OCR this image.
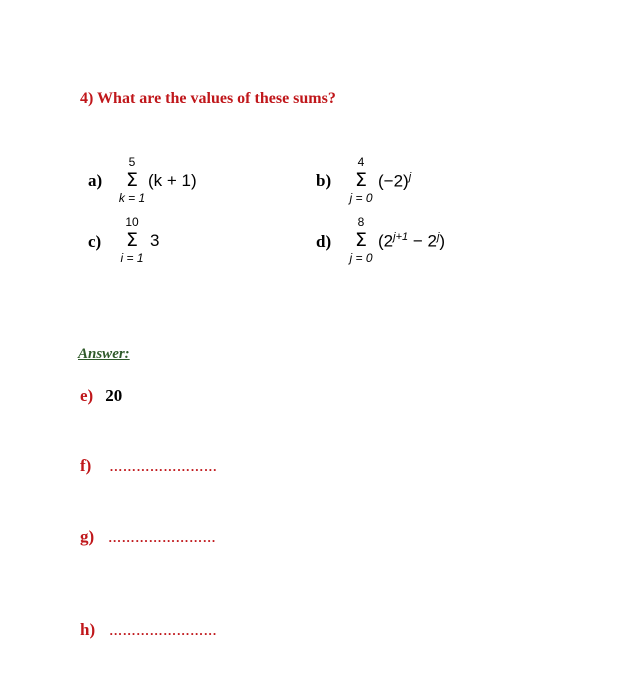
4) What are the values of these sums?
a)
5
Σ
k = 1
(k + 1)	b)
4
Σ
j = 0
$(-2)^j$
c)
10
Σ
i = 1
3	d)
8
Σ
j = 0
$(2^{j+1} - 2^j)$
Answer:
e) 20
f) ……………………
g) ……………………
h) ……………………
